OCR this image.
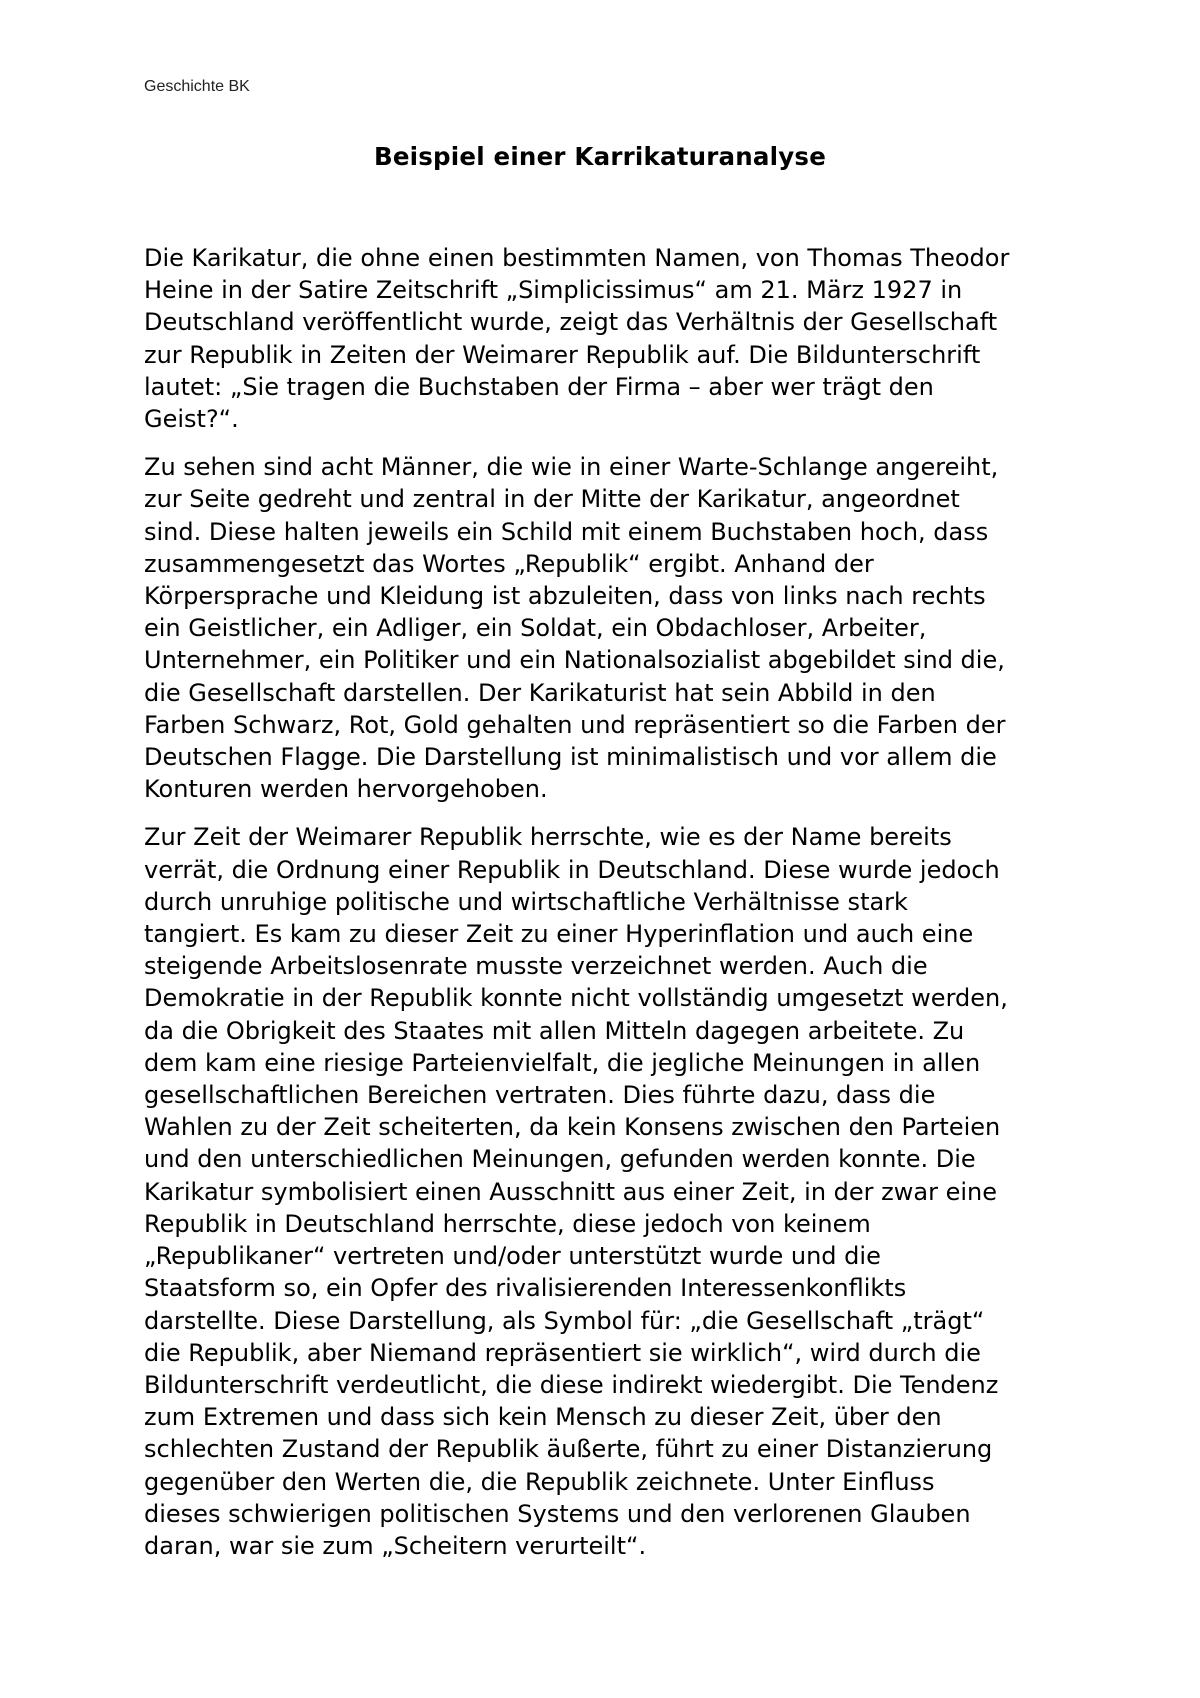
Geschichte BK
Beispiel einer Karrikaturanalyse

Die Karikatur, die ohne einen bestimmten Namen, von Thomas Theodor
Heine in der Satire Zeitschrift „Simplicissimus“ am 21. März 1927 in
Deutschland veröffentlicht wurde, zeigt das Verhältnis der Gesellschaft
zur Republik in Zeiten der Weimarer Republik auf. Die Bildunterschrift
lautet: „Sie tragen die Buchstaben der Firma – aber wer trägt den
Geist?“.

Zu sehen sind acht Männer, die wie in einer Warte-Schlange angereiht,
zur Seite gedreht und zentral in der Mitte der Karikatur, angeordnet
sind. Diese halten jeweils ein Schild mit einem Buchstaben hoch, dass
zusammengesetzt das Wortes „Republik“ ergibt. Anhand der
Körpersprache und Kleidung ist abzuleiten, dass von links nach rechts
ein Geistlicher, ein Adliger, ein Soldat, ein Obdachloser, Arbeiter,
Unternehmer, ein Politiker und ein Nationalsozialist abgebildet sind die,
die Gesellschaft darstellen. Der Karikaturist hat sein Abbild in den
Farben Schwarz, Rot, Gold gehalten und repräsentiert so die Farben der
Deutschen Flagge. Die Darstellung ist minimalistisch und vor allem die
Konturen werden hervorgehoben.

Zur Zeit der Weimarer Republik herrschte, wie es der Name bereits
verrät, die Ordnung einer Republik in Deutschland. Diese wurde jedoch
durch unruhige politische und wirtschaftliche Verhältnisse stark
tangiert. Es kam zu dieser Zeit zu einer Hyperinflation und auch eine
steigende Arbeitslosenrate musste verzeichnet werden. Auch die
Demokratie in der Republik konnte nicht vollständig umgesetzt werden,
da die Obrigkeit des Staates mit allen Mitteln dagegen arbeitete. Zu
dem kam eine riesige Parteienvielfalt, die jegliche Meinungen in allen
gesellschaftlichen Bereichen vertraten. Dies führte dazu, dass die
Wahlen zu der Zeit scheiterten, da kein Konsens zwischen den Parteien
und den unterschiedlichen Meinungen, gefunden werden konnte. Die
Karikatur symbolisiert einen Ausschnitt aus einer Zeit, in der zwar eine
Republik in Deutschland herrschte, diese jedoch von keinem
„Republikaner“ vertreten und/oder unterstützt wurde und die
Staatsform so, ein Opfer des rivalisierenden Interessenkonflikts
darstellte. Diese Darstellung, als Symbol für: „die Gesellschaft „trägt“
die Republik, aber Niemand repräsentiert sie wirklich“, wird durch die
Bildunterschrift verdeutlicht, die diese indirekt wiedergibt. Die Tendenz
zum Extremen und dass sich kein Mensch zu dieser Zeit, über den
schlechten Zustand der Republik äußerte, führt zu einer Distanzierung
gegenüber den Werten die, die Republik zeichnete. Unter Einfluss
dieses schwierigen politischen Systems und den verlorenen Glauben
daran, war sie zum „Scheitern verurteilt“.
